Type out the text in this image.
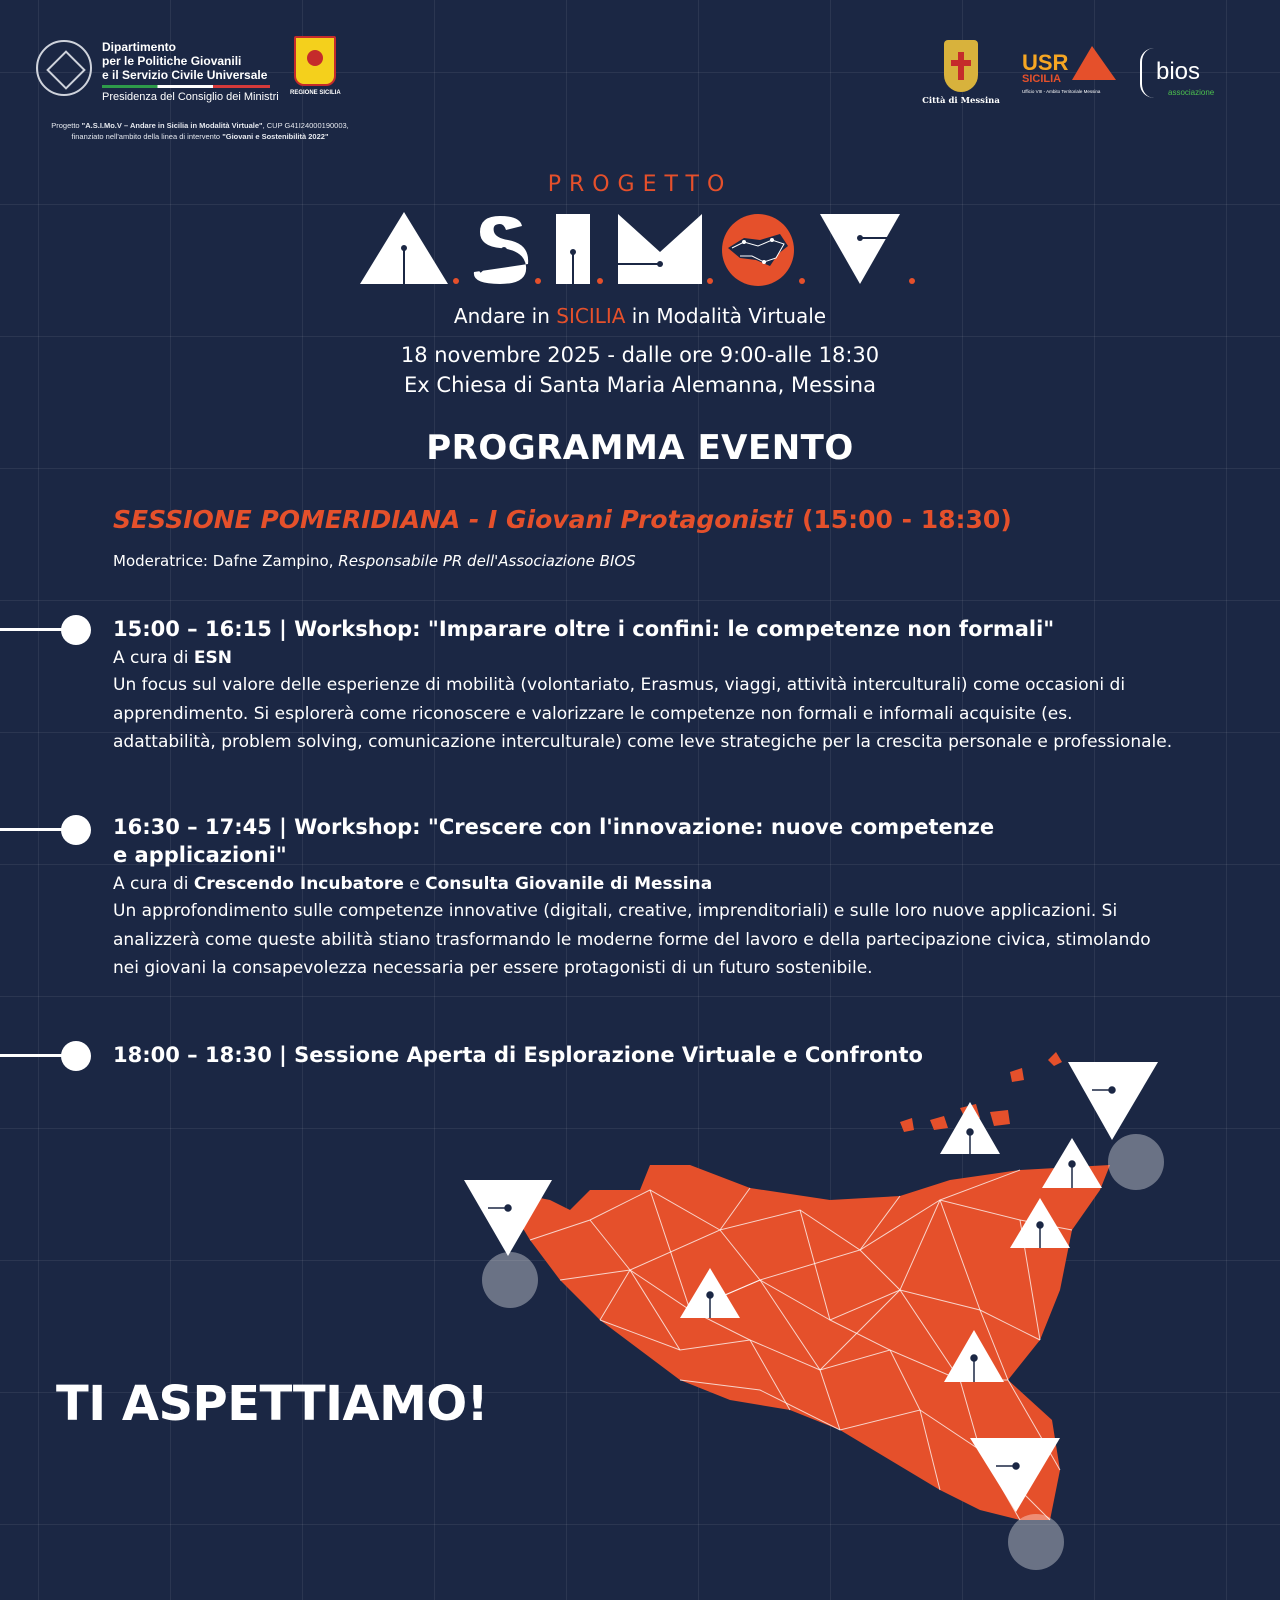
Dipartimento
per le Politiche Giovanili
e il Servizio Civile Universale
Presidenza del Consiglio dei Ministri REGIONE SICILIA
Progetto "A.S.I.Mo.V – Andare in Sicilia in Modalità Virtuale", CUP G41I24000190003,
finanziato nell'ambito della linea di intervento "Giovani e Sostenibilità 2022"
Città di Messina
USR
SICILIA
Ufficio VIII - Ambito Territoriale Messina
bios
associazione
PROGETTO
Andare in SICILIA in Modalità Virtuale
18 novembre 2025 - dalle ore 9:00-alle 18:30
Ex Chiesa di Santa Maria Alemanna, Messina
PROGRAMMA EVENTO
SESSIONE POMERIDIANA - I Giovani Protagonisti (15:00 - 18:30)
Moderatrice: Dafne Zampino, Responsabile PR dell'Associazione BIOS
15:00 – 16:15 | Workshop: "Imparare oltre i confini: le competenze non formali"
A cura di ESN
Un focus sul valore delle esperienze di mobilità (volontariato, Erasmus, viaggi, attività interculturali) come occasioni di apprendimento. Si esplorerà come riconoscere e valorizzare le competenze non formali e informali acquisite (es. adattabilità, problem solving, comunicazione interculturale) come leve strategiche per la crescita personale e professionale.
16:30 – 17:45 | Workshop: "Crescere con l'innovazione: nuove competenze
e applicazioni"
A cura di Crescendo Incubatore e Consulta Giovanile di Messina
Un approfondimento sulle competenze innovative (digitali, creative, imprenditoriali) e sulle loro nuove applicazioni. Si analizzerà come queste abilità stiano trasformando le moderne forme del lavoro e della partecipazione civica, stimolando nei giovani la consapevolezza necessaria per essere protagonisti di un futuro sostenibile.
18:00 – 18:30 | Sessione Aperta di Esplorazione Virtuale e Confronto
TI ASPETTIAMO!
